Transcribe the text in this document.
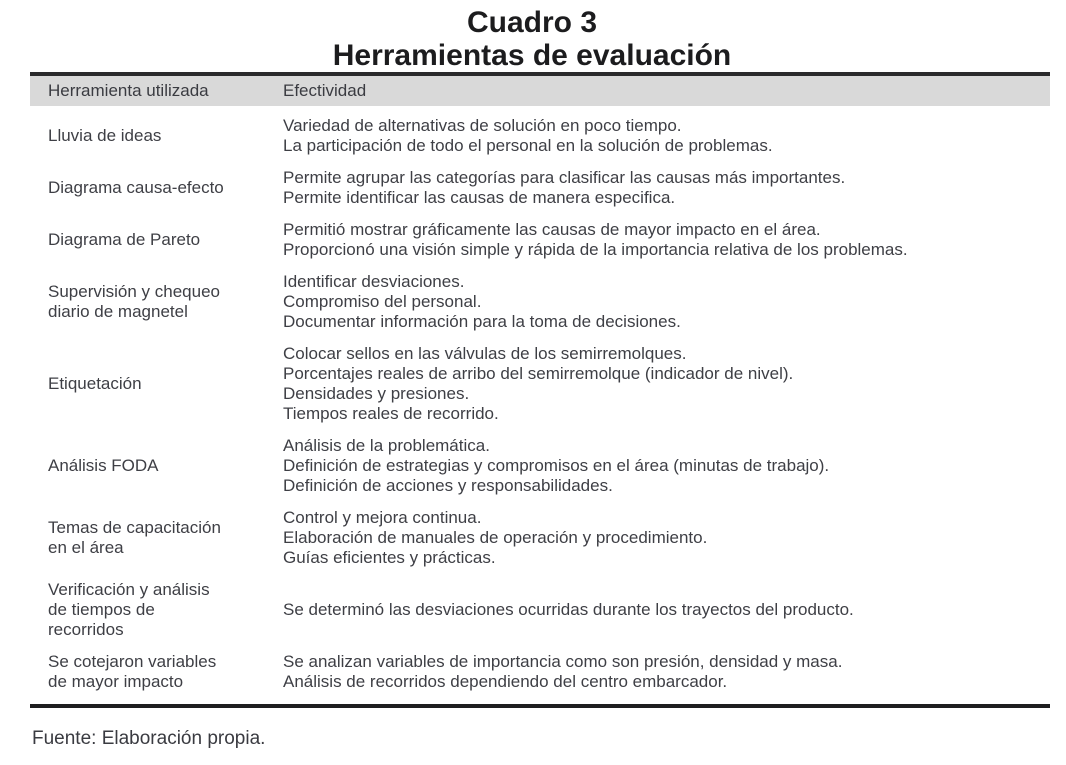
Cuadro 3
Herramientas de evaluación
Herramienta utilizada	Efectividad
Lluvia de ideas
Variedad de alternativas de solución en poco tiempo.
La participación de todo el personal en la solución de problemas.
Diagrama causa-efecto
Permite agrupar las categorías para clasificar las causas más importantes.
Permite identificar las causas de manera especifica.
Diagrama de Pareto
Permitió mostrar gráficamente las causas de mayor impacto en el área.
Proporcionó una visión simple y rápida de la importancia relativa de los problemas.
Supervisión y chequeo
diario de magnetel
Identificar desviaciones.
Compromiso del personal.
Documentar información para la toma de decisiones.
Etiquetación
Colocar sellos en las válvulas de los semirremolques.
Porcentajes reales de arribo del semirremolque (indicador de nivel).
Densidades y presiones.
Tiempos reales de recorrido.
Análisis FODA
Análisis de la problemática.
Definición de estrategias y compromisos en el área (minutas de trabajo).
Definición de acciones y responsabilidades.
Temas de capacitación
en el área
Control y mejora continua.
Elaboración de manuales de operación y procedimiento.
Guías eficientes y prácticas.
Verificación y análisis
de tiempos de
recorridos
Se determinó las desviaciones ocurridas durante los trayectos del producto.
Se cotejaron variables
de mayor impacto
Se analizan variables de importancia como son presión, densidad y masa.
Análisis de recorridos dependiendo del centro embarcador.
Fuente: Elaboración propia.
